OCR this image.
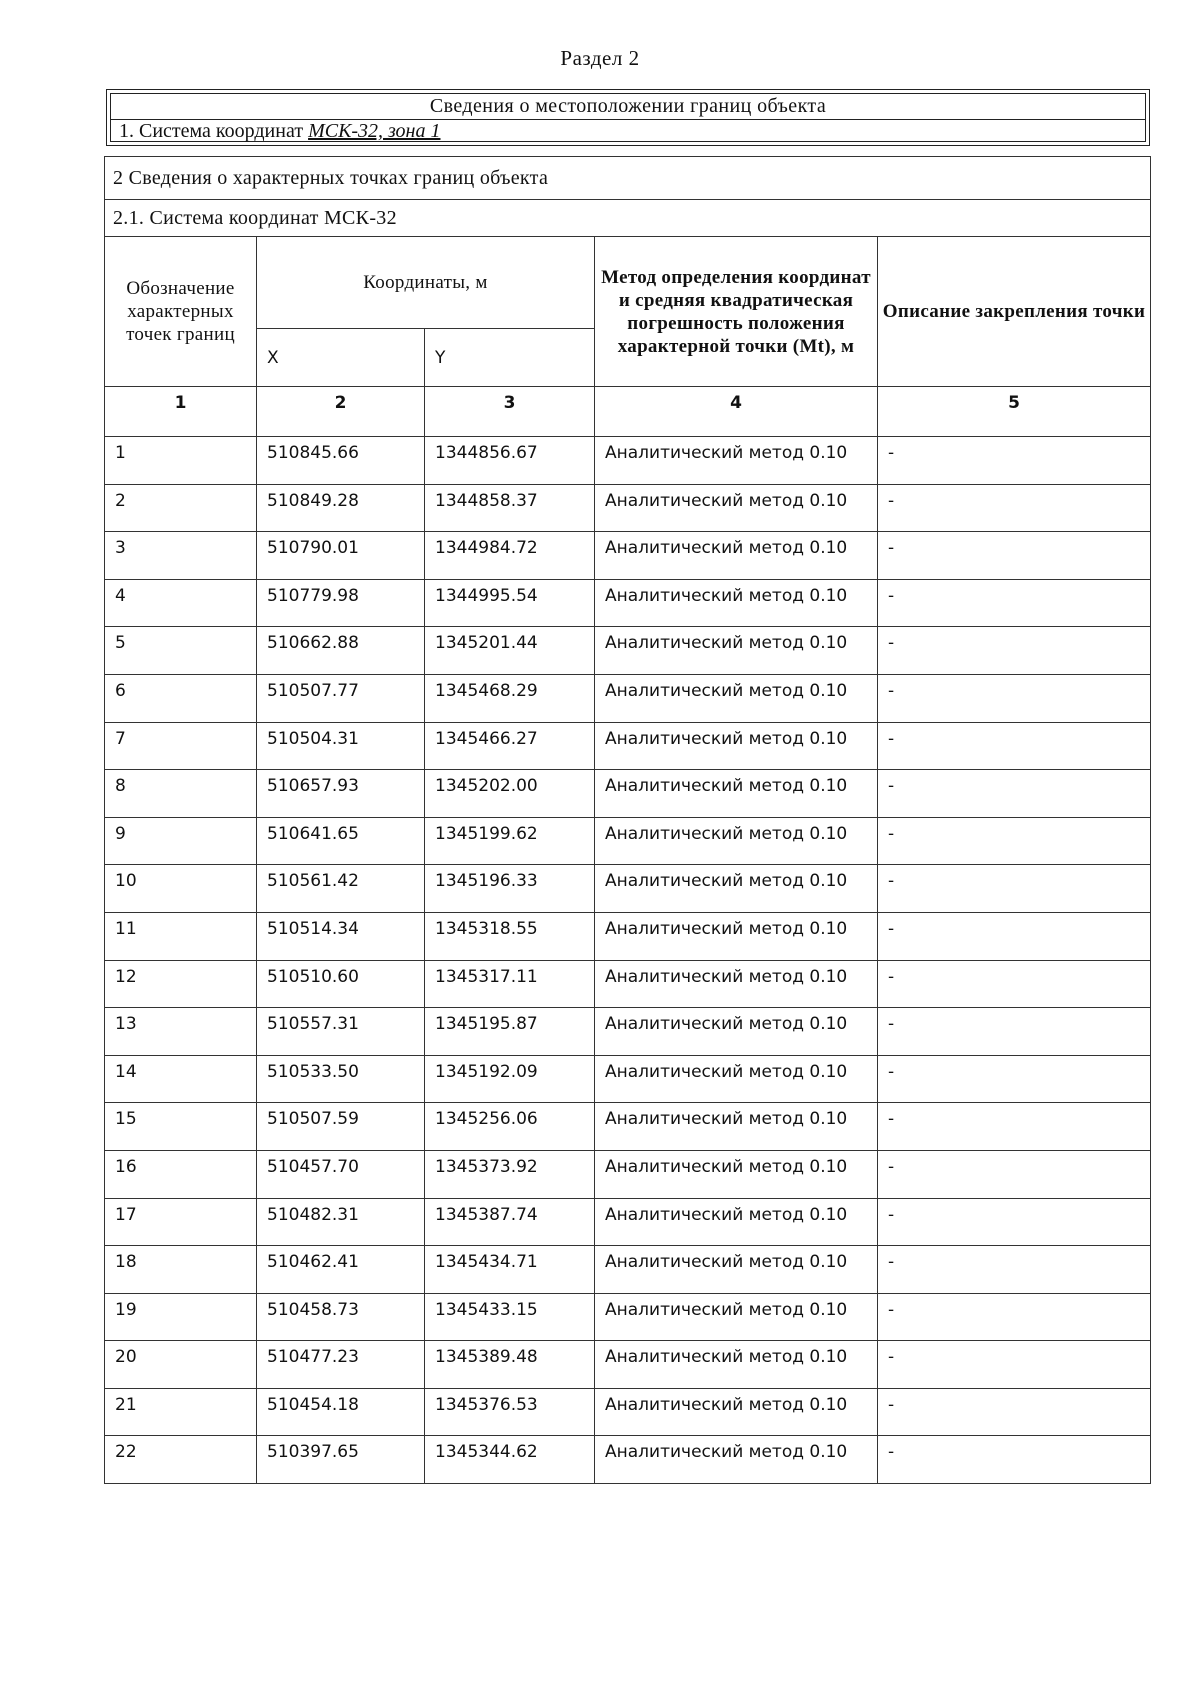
Раздел 2
Сведения о местоположении границ объекта
1. Система координат МСК-32, зона 1
2 Сведения о характерных точках границ объекта				
2.1. Система координат МСК-32				
Обозначение характерных точек границ	Координаты, м		Метод определения координат и средняя квадратическая погрешность положения характерной точки (Mt), м	Описание закрепления точки
	X	Y		
1	2	3	4	5
1	510845.66	1344856.67	Аналитический метод 0.10	-
2	510849.28	1344858.37	Аналитический метод 0.10	-
3	510790.01	1344984.72	Аналитический метод 0.10	-
4	510779.98	1344995.54	Аналитический метод 0.10	-
5	510662.88	1345201.44	Аналитический метод 0.10	-
6	510507.77	1345468.29	Аналитический метод 0.10	-
7	510504.31	1345466.27	Аналитический метод 0.10	-
8	510657.93	1345202.00	Аналитический метод 0.10	-
9	510641.65	1345199.62	Аналитический метод 0.10	-
10	510561.42	1345196.33	Аналитический метод 0.10	-
11	510514.34	1345318.55	Аналитический метод 0.10	-
12	510510.60	1345317.11	Аналитический метод 0.10	-
13	510557.31	1345195.87	Аналитический метод 0.10	-
14	510533.50	1345192.09	Аналитический метод 0.10	-
15	510507.59	1345256.06	Аналитический метод 0.10	-
16	510457.70	1345373.92	Аналитический метод 0.10	-
17	510482.31	1345387.74	Аналитический метод 0.10	-
18	510462.41	1345434.71	Аналитический метод 0.10	-
19	510458.73	1345433.15	Аналитический метод 0.10	-
20	510477.23	1345389.48	Аналитический метод 0.10	-
21	510454.18	1345376.53	Аналитический метод 0.10	-
22	510397.65	1345344.62	Аналитический метод 0.10	-
